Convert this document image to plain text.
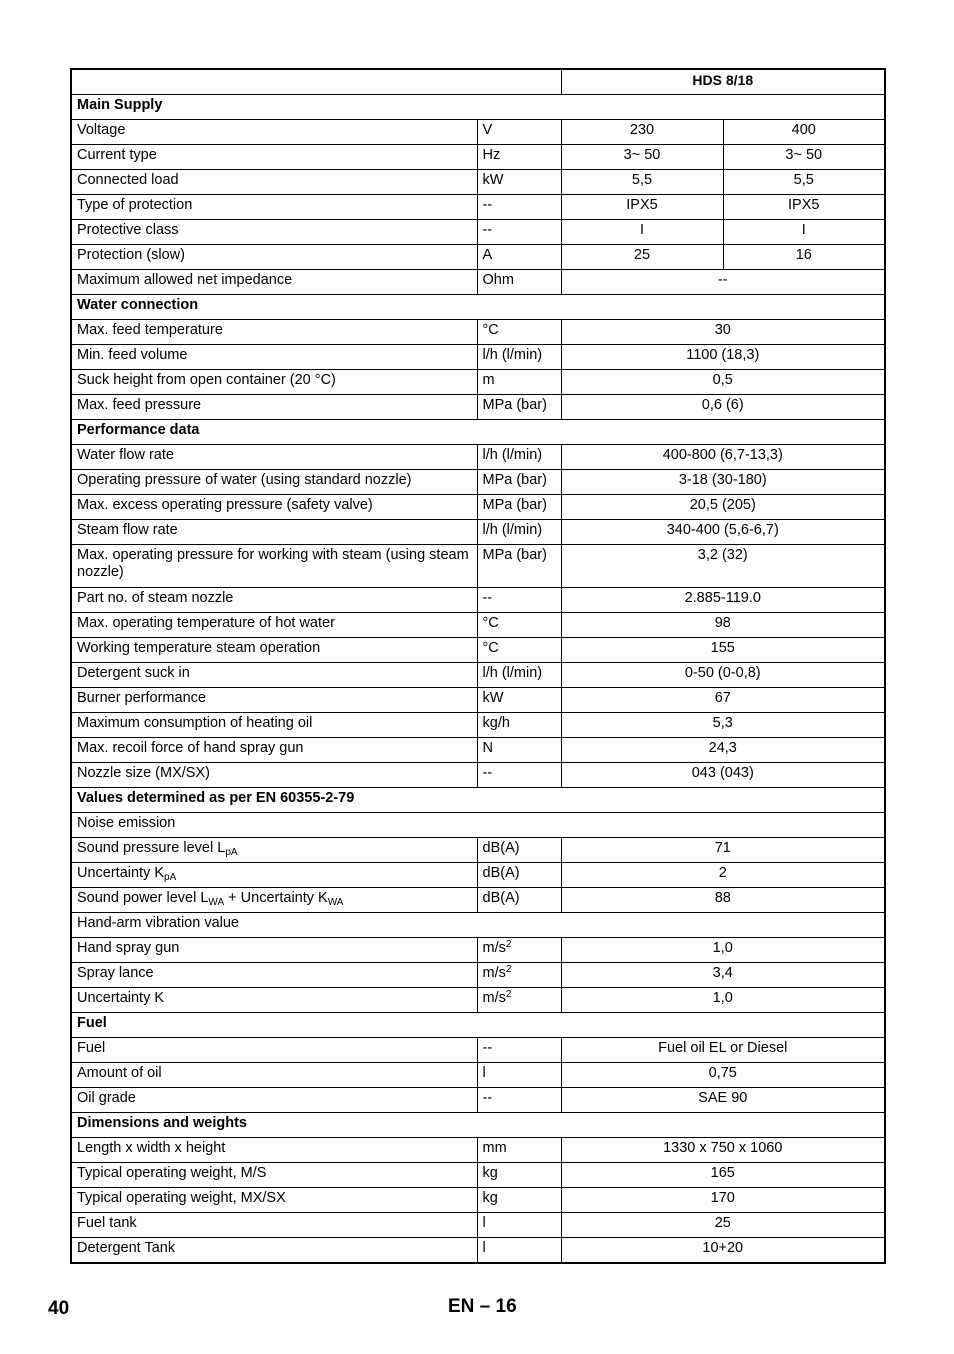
		HDS 8/18	
Main Supply			
Voltage	V	230	400
Current type	Hz	3~ 50	3~ 50
Connected load	kW	5,5	5,5
Type of protection	--	IPX5	IPX5
Protective class	--	I	I
Protection (slow)	A	25	16
Maximum allowed net impedance	Ohm	--	
Water connection			
Max. feed temperature	°C	30	
Min. feed volume	l/h (l/min)	1100 (18,3)	
Suck height from open container (20 °C)	m	0,5	
Max. feed pressure	MPa (bar)	0,6 (6)	
Performance data			
Water flow rate	l/h (l/min)	400-800 (6,7-13,3)	
Operating pressure of water (using standard nozzle)	MPa (bar)	3-18 (30-180)	
Max. excess operating pressure (safety valve)	MPa (bar)	20,5 (205)	
Steam flow rate	l/h (l/min)	340-400 (5,6-6,7)	
Max. operating pressure for working with steam (using steam nozzle)	MPa (bar)	3,2 (32)	
Part no. of steam nozzle	--	2.885-119.0	
Max. operating temperature of hot water	°C	98	
Working temperature steam operation	°C	155	
Detergent suck in	l/h (l/min)	0-50 (0-0,8)	
Burner performance	kW	67	
Maximum consumption of heating oil	kg/h	5,3	
Max. recoil force of hand spray gun	N	24,3	
Nozzle size (MX/SX)	--	043 (043)	
Values determined as per EN 60355-2-79			
Noise emission			
Sound pressure level $L_{pA}$	dB(A)	71	
Uncertainty $K_{pA}$	dB(A)	2	
Sound power level $L_{WA}$ + Uncertainty $K_{WA}$	dB(A)	88	
Hand-arm vibration value			
Hand spray gun	$m/s^2$	1,0	
Spray lance	$m/s^2$	3,4	
Uncertainty K	$m/s^2$	1,0	
Fuel			
Fuel	--	Fuel oil EL or Diesel	
Amount of oil	l	0,75	
Oil grade	--	SAE 90	
Dimensions and weights			
Length x width x height	mm	1330 x 750 x 1060	
Typical operating weight, M/S	kg	165	
Typical operating weight, MX/SX	kg	170	
Fuel tank	l	25	
Detergent Tank	l	10+20	
40	EN – 16
